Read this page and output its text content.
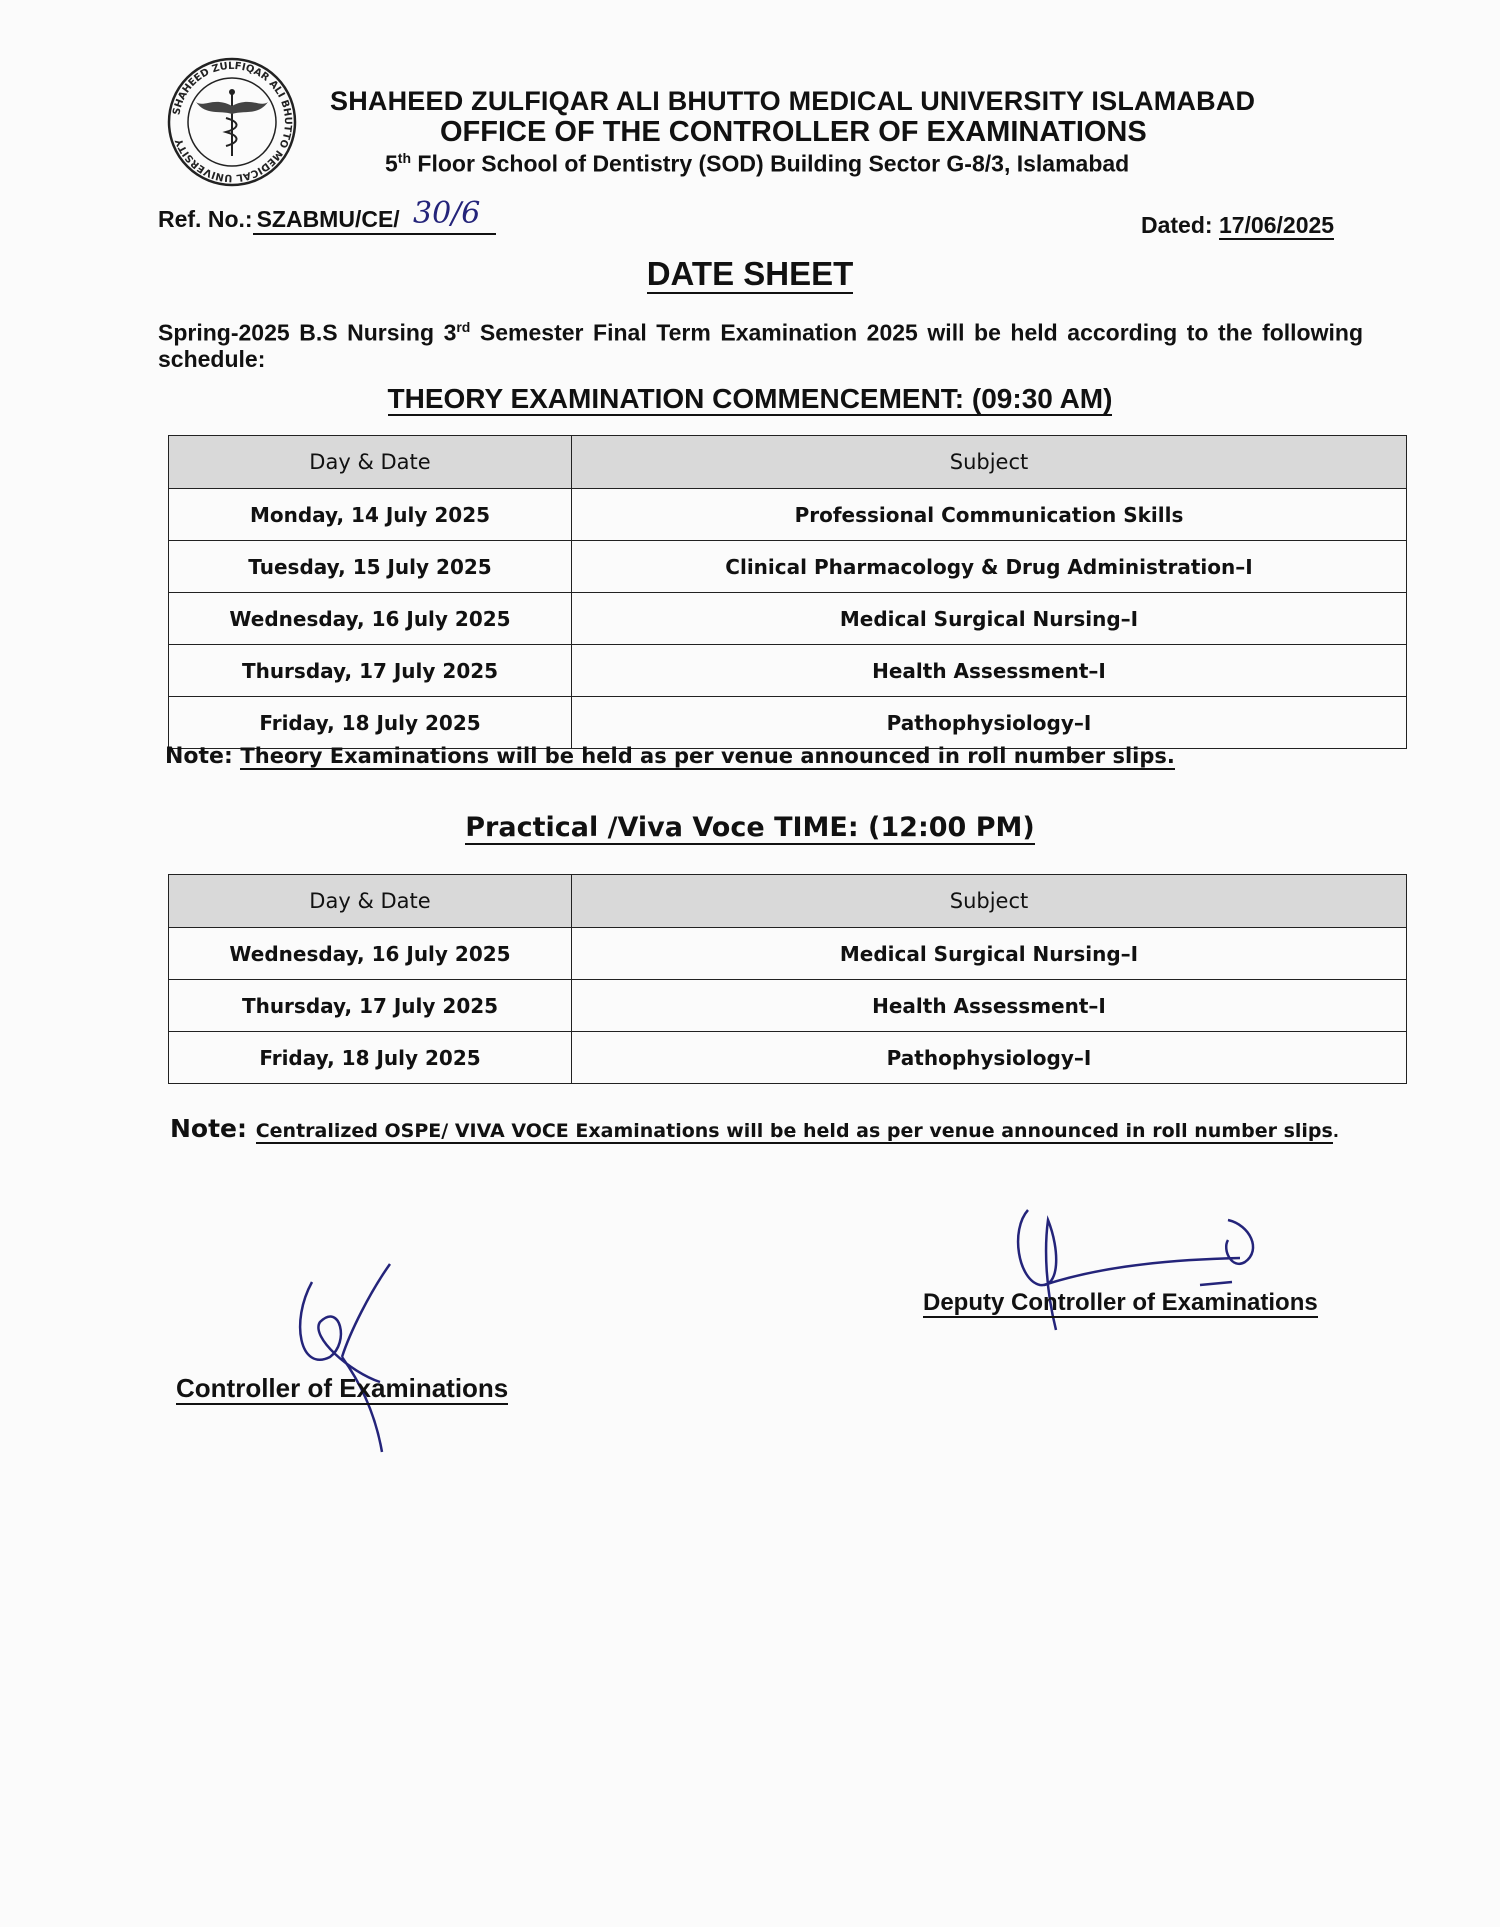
SHAHEED ZULFIQAR ALI BHUTTO MEDICAL UNIVERSITY
SHAHEED ZULFIQAR ALI BHUTTO MEDICAL UNIVERSITY ISLAMABAD
OFFICE OF THE CONTROLLER OF EXAMINATIONS
5th Floor School of Dentistry (SOD) Building Sector G-8/3, Islamabad
Ref. No.: SZABMU/CE/ 30/6	Dated: 17/06/2025
DATE SHEET
Spring-2025 B.S Nursing 3rd Semester Final Term Examination 2025 will be held according to the following schedule:
THEORY EXAMINATION COMMENCEMENT: (09:30 AM)
Day & Date	Subject
Monday, 14 July 2025	Professional Communication Skills
Tuesday, 15 July 2025	Clinical Pharmacology & Drug Administration–I
Wednesday, 16 July 2025	Medical Surgical Nursing–I
Thursday, 17 July 2025	Health Assessment–I
Friday, 18 July 2025	Pathophysiology–I
Note: Theory Examinations will be held as per venue announced in roll number slips.
Practical /Viva Voce TIME: (12:00 PM)
Day & Date	Subject
Wednesday, 16 July 2025	Medical Surgical Nursing–I
Thursday, 17 July 2025	Health Assessment–I
Friday, 18 July 2025	Pathophysiology–I
Note: Centralized OSPE/ VIVA VOCE Examinations will be held as per venue announced in roll number slips.
Deputy Controller of Examinations
Controller of Examinations
